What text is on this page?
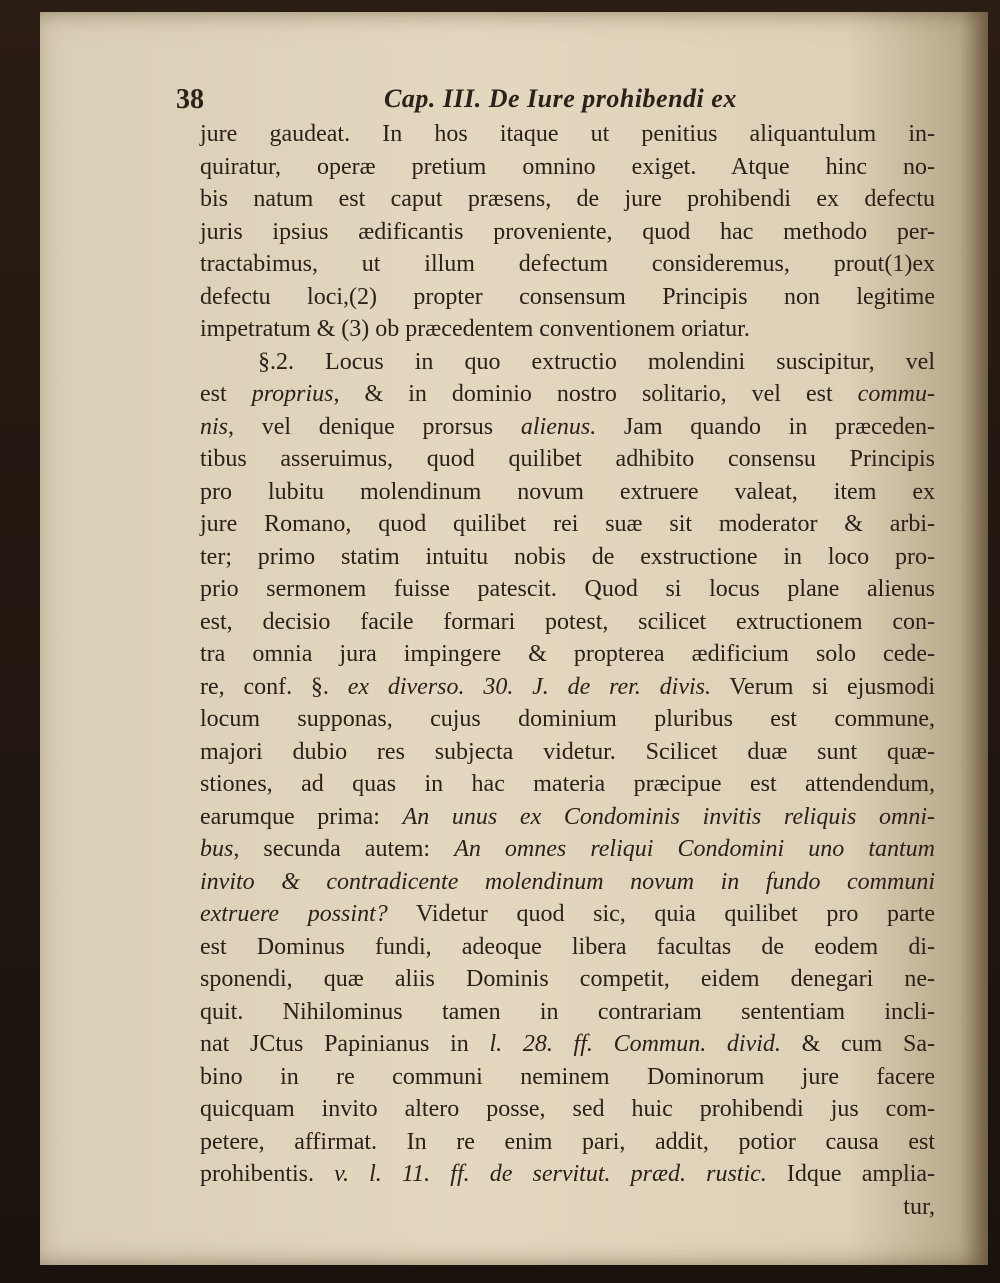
38	Cap. III. De Iure prohibendi ex
jure gaudeat. In hos itaque ut penitius aliquantulum in-
quiratur, operæ pretium omnino exiget. Atque hinc no-
bis natum est caput præsens, de jure prohibendi ex defectu
juris ipsius ædificantis proveniente, quod hac methodo per-
tractabimus, ut illum defectum consideremus, prout(1)ex
defectu loci,(2) propter consensum Principis non legitime
impetratum & (3) ob præcedentem conventionem oriatur.
§.2. Locus in quo extructio molendini suscipitur, vel
est proprius, & in dominio nostro solitario, vel est commu-
nis, vel denique prorsus alienus. Jam quando in præceden-
tibus asseruimus, quod quilibet adhibito consensu Principis
pro lubitu molendinum novum extruere valeat, item ex
jure Romano, quod quilibet rei suæ sit moderator & arbi-
ter; primo statim intuitu nobis de exstructione in loco pro-
prio sermonem fuisse patescit. Quod si locus plane alienus
est, decisio facile formari potest, scilicet extructionem con-
tra omnia jura impingere & propterea ædificium solo cede-
re, conf. §. ex diverso. 30. J. de rer. divis. Verum si ejusmodi
locum supponas, cujus dominium pluribus est commune,
majori dubio res subjecta videtur. Scilicet duæ sunt quæ-
stiones, ad quas in hac materia præcipue est attendendum,
earumque prima: An unus ex Condominis invitis reliquis omni-
bus, secunda autem: An omnes reliqui Condomini uno tantum
invito & contradicente molendinum novum in fundo communi
extruere possint? Videtur quod sic, quia quilibet pro parte
est Dominus fundi, adeoque libera facultas de eodem di-
sponendi, quæ aliis Dominis competit, eidem denegari ne-
quit. Nihilominus tamen in contrariam sententiam incli-
nat JCtus Papinianus in l. 28. ff. Commun. divid. & cum Sa-
bino in re communi neminem Dominorum jure facere
quicquam invito altero posse, sed huic prohibendi jus com-
petere, affirmat. In re enim pari, addit, potior causa est
prohibentis. v. l. 11. ff. de servitut. præd. rustic. Idque amplia-
tur,
